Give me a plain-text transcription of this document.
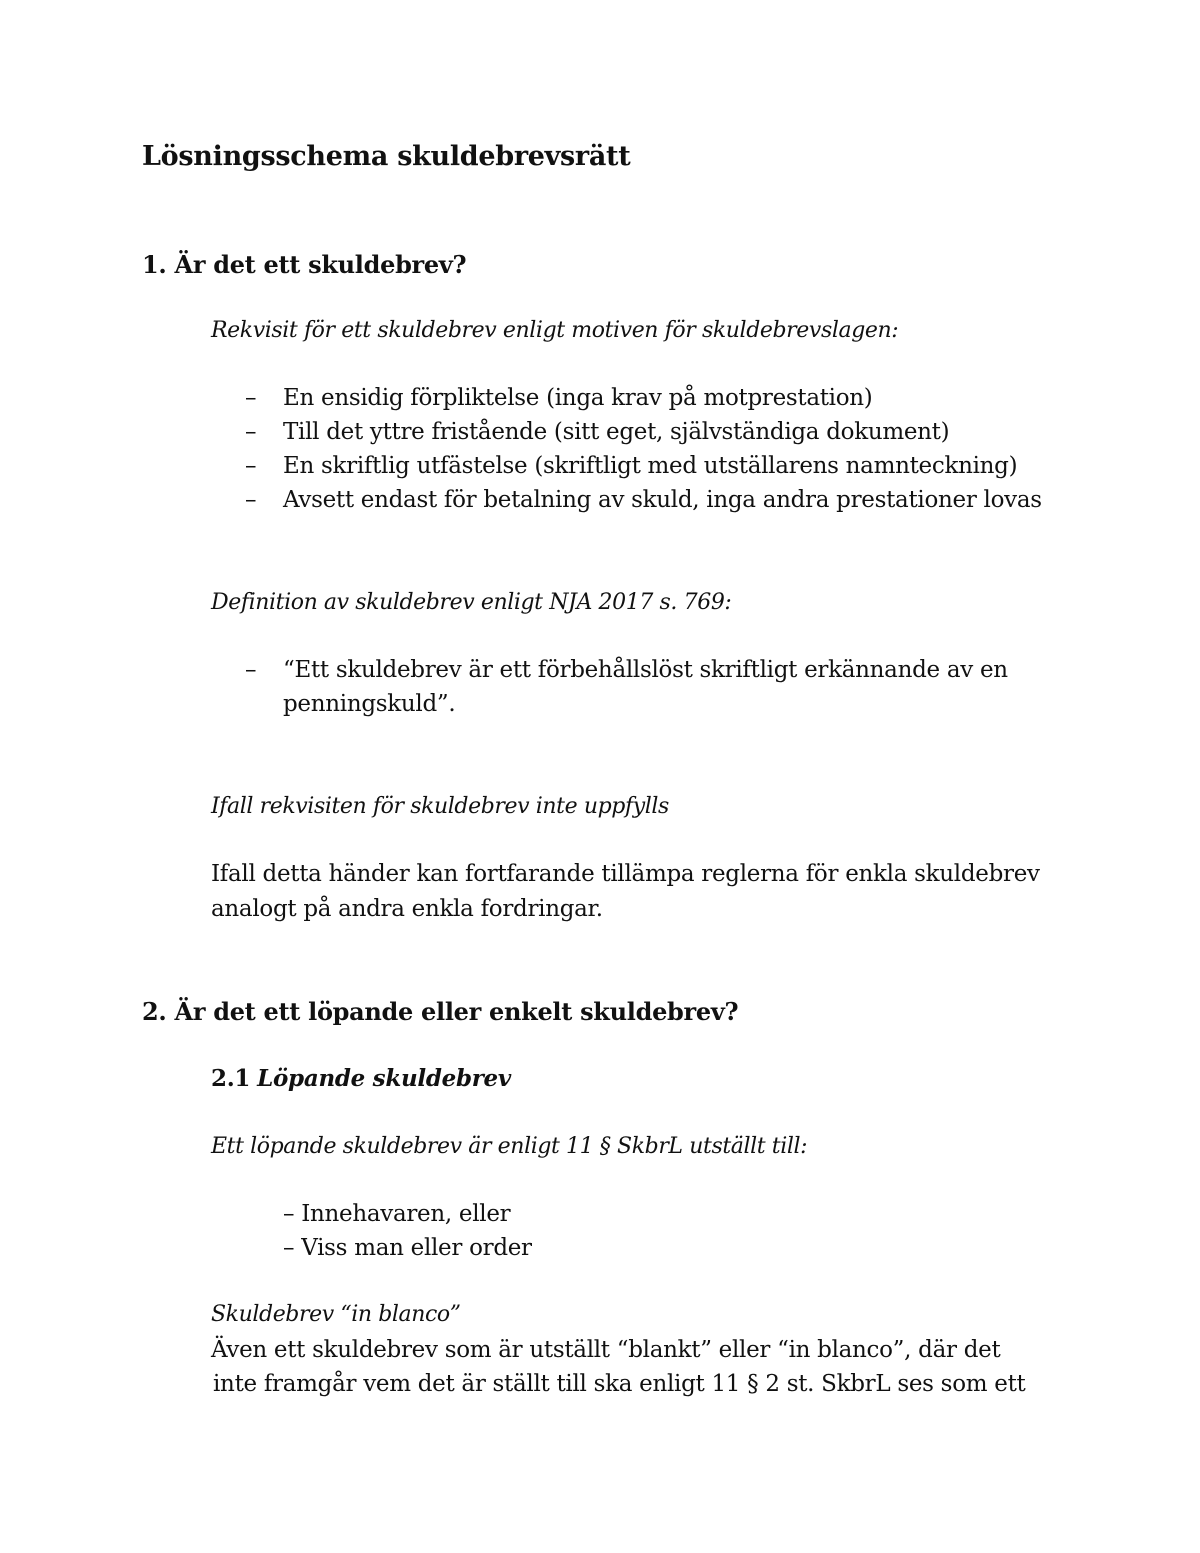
Lösningsschema skuldebrevsrätt
1. Är det ett skuldebrev?
Rekvisit för ett skuldebrev enligt motiven för skuldebrevslagen:
– En ensidig förpliktelse (inga krav på motprestation)
– Till det yttre fristående (sitt eget, självständiga dokument)
– En skriftlig utfästelse (skriftligt med utställarens namnteckning)
– Avsett endast för betalning av skuld, inga andra prestationer lovas
Definition av skuldebrev enligt NJA 2017 s. 769:
– “Ett skuldebrev är ett förbehållslöst skriftligt erkännande av en
penningskuld”.
Ifall rekvisiten för skuldebrev inte uppfylls
Ifall detta händer kan fortfarande tillämpa reglerna för enkla skuldebrev
analogt på andra enkla fordringar.
2. Är det ett löpande eller enkelt skuldebrev?
2.1 Löpande skuldebrev
Ett löpande skuldebrev är enligt 11 § SkbrL utställt till:
– Innehavaren, eller
– Viss man eller order
Skuldebrev “in blanco”
Även ett skuldebrev som är utställt “blankt” eller “in blanco”, där det
inte framgår vem det är ställt till ska enligt 11 § 2 st. SkbrL ses som ett
